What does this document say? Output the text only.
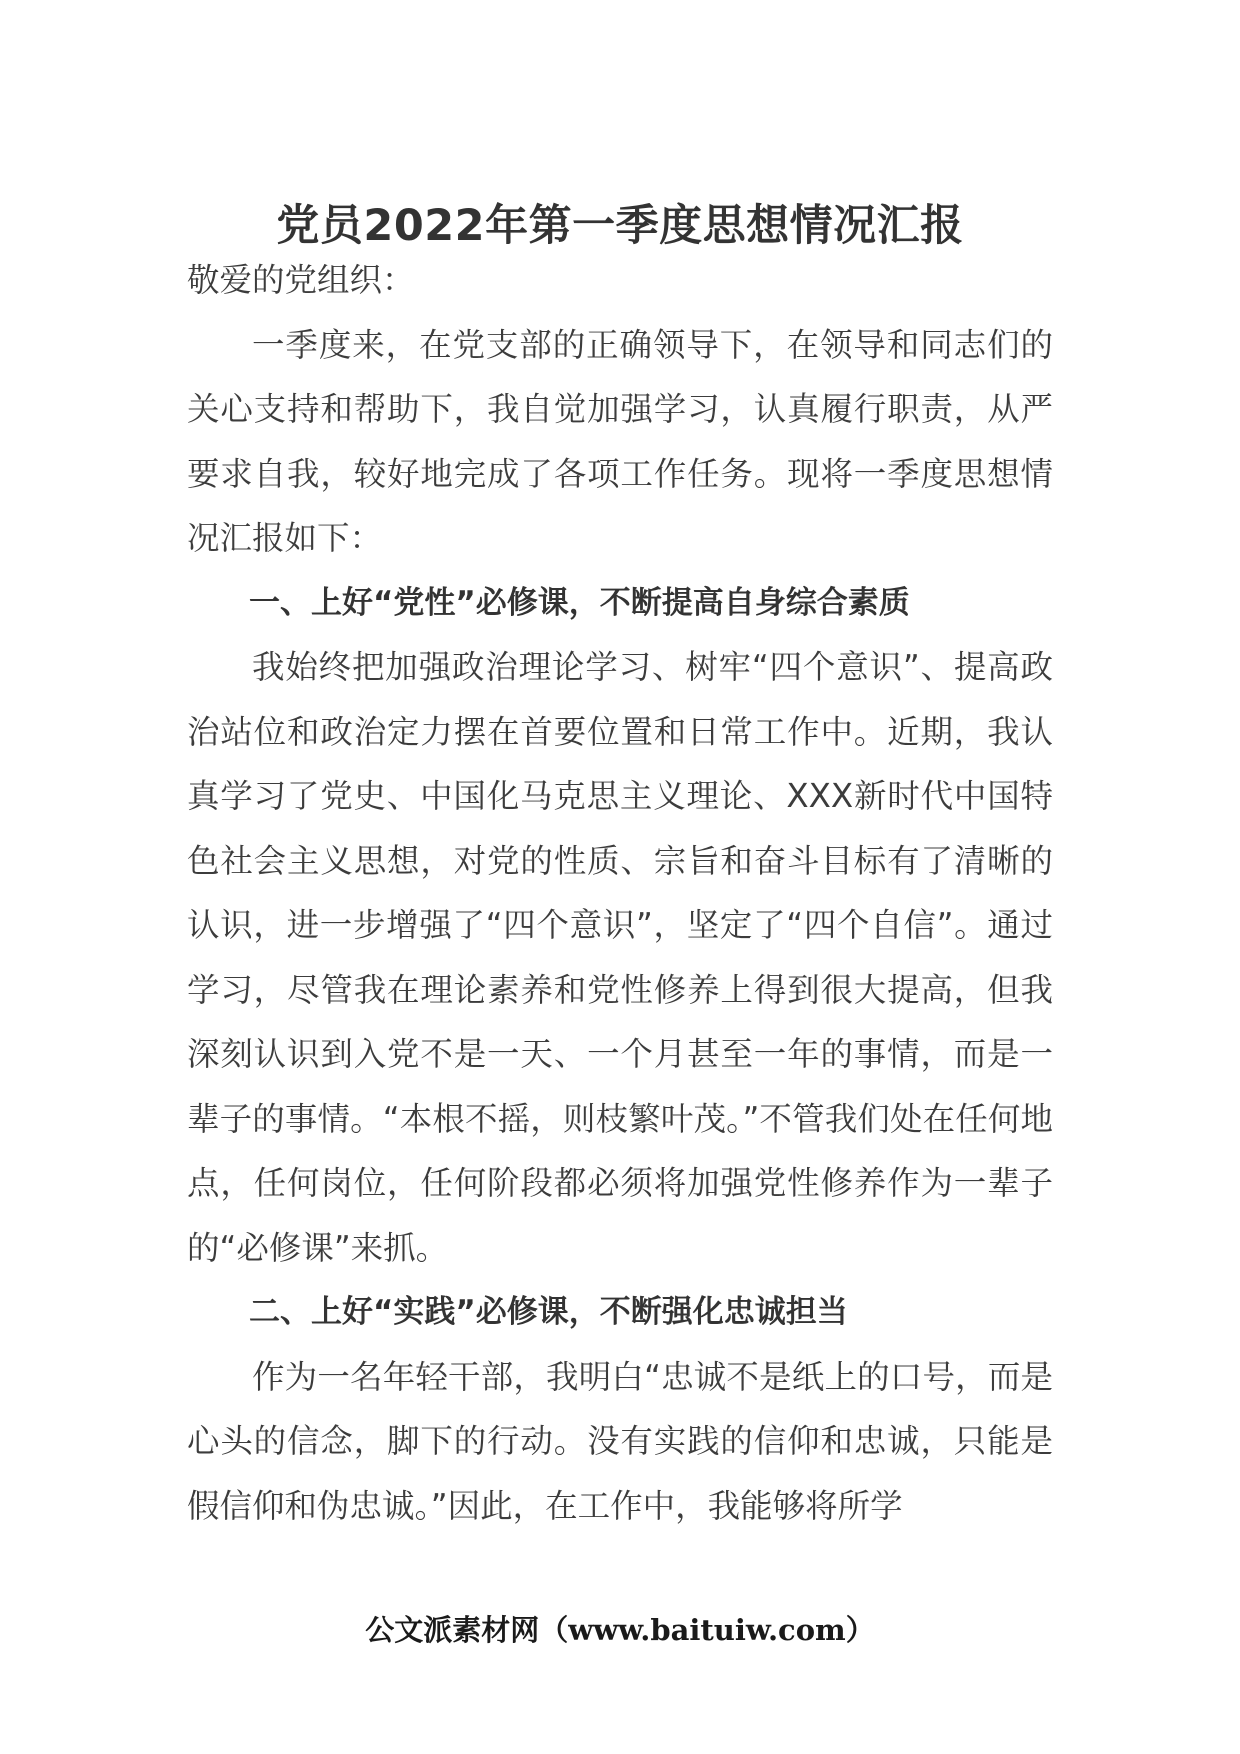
党员2022年第一季度思想情况汇报

敬爱的党组织：

一季度来，在党支部的正确领导下，在领导和同志们的关心支持和帮助下，我自觉加强学习，认真履行职责，从严要求自我，较好地完成了各项工作任务。现将一季度思想情况汇报如下：

一、上好“党性”必修课，不断提高自身综合素质

我始终把加强政治理论学习、树牢“四个意识”、提高政治站位和政治定力摆在首要位置和日常工作中。近期，我认真学习了党史、中国化马克思主义理论、XXX新时代中国特色社会主义思想，对党的性质、宗旨和奋斗目标有了清晰的认识，进一步增强了“四个意识”，坚定了“四个自信”。通过学习，尽管我在理论素养和党性修养上得到很大提高，但我深刻认识到入党不是一天、一个月甚至一年的事情，而是一辈子的事情。“本根不摇，则枝繁叶茂。”不管我们处在任何地点，任何岗位，任何阶段都必须将加强党性修养作为一辈子的“必修课”来抓。

二、上好“实践”必修课，不断强化忠诚担当

作为一名年轻干部，我明白“忠诚不是纸上的口号，而是心头的信念，脚下的行动。没有实践的信仰和忠诚，只能是假信仰和伪忠诚。”因此，在工作中，我能够将所学

公文派素材网（www.baituiw.com）
